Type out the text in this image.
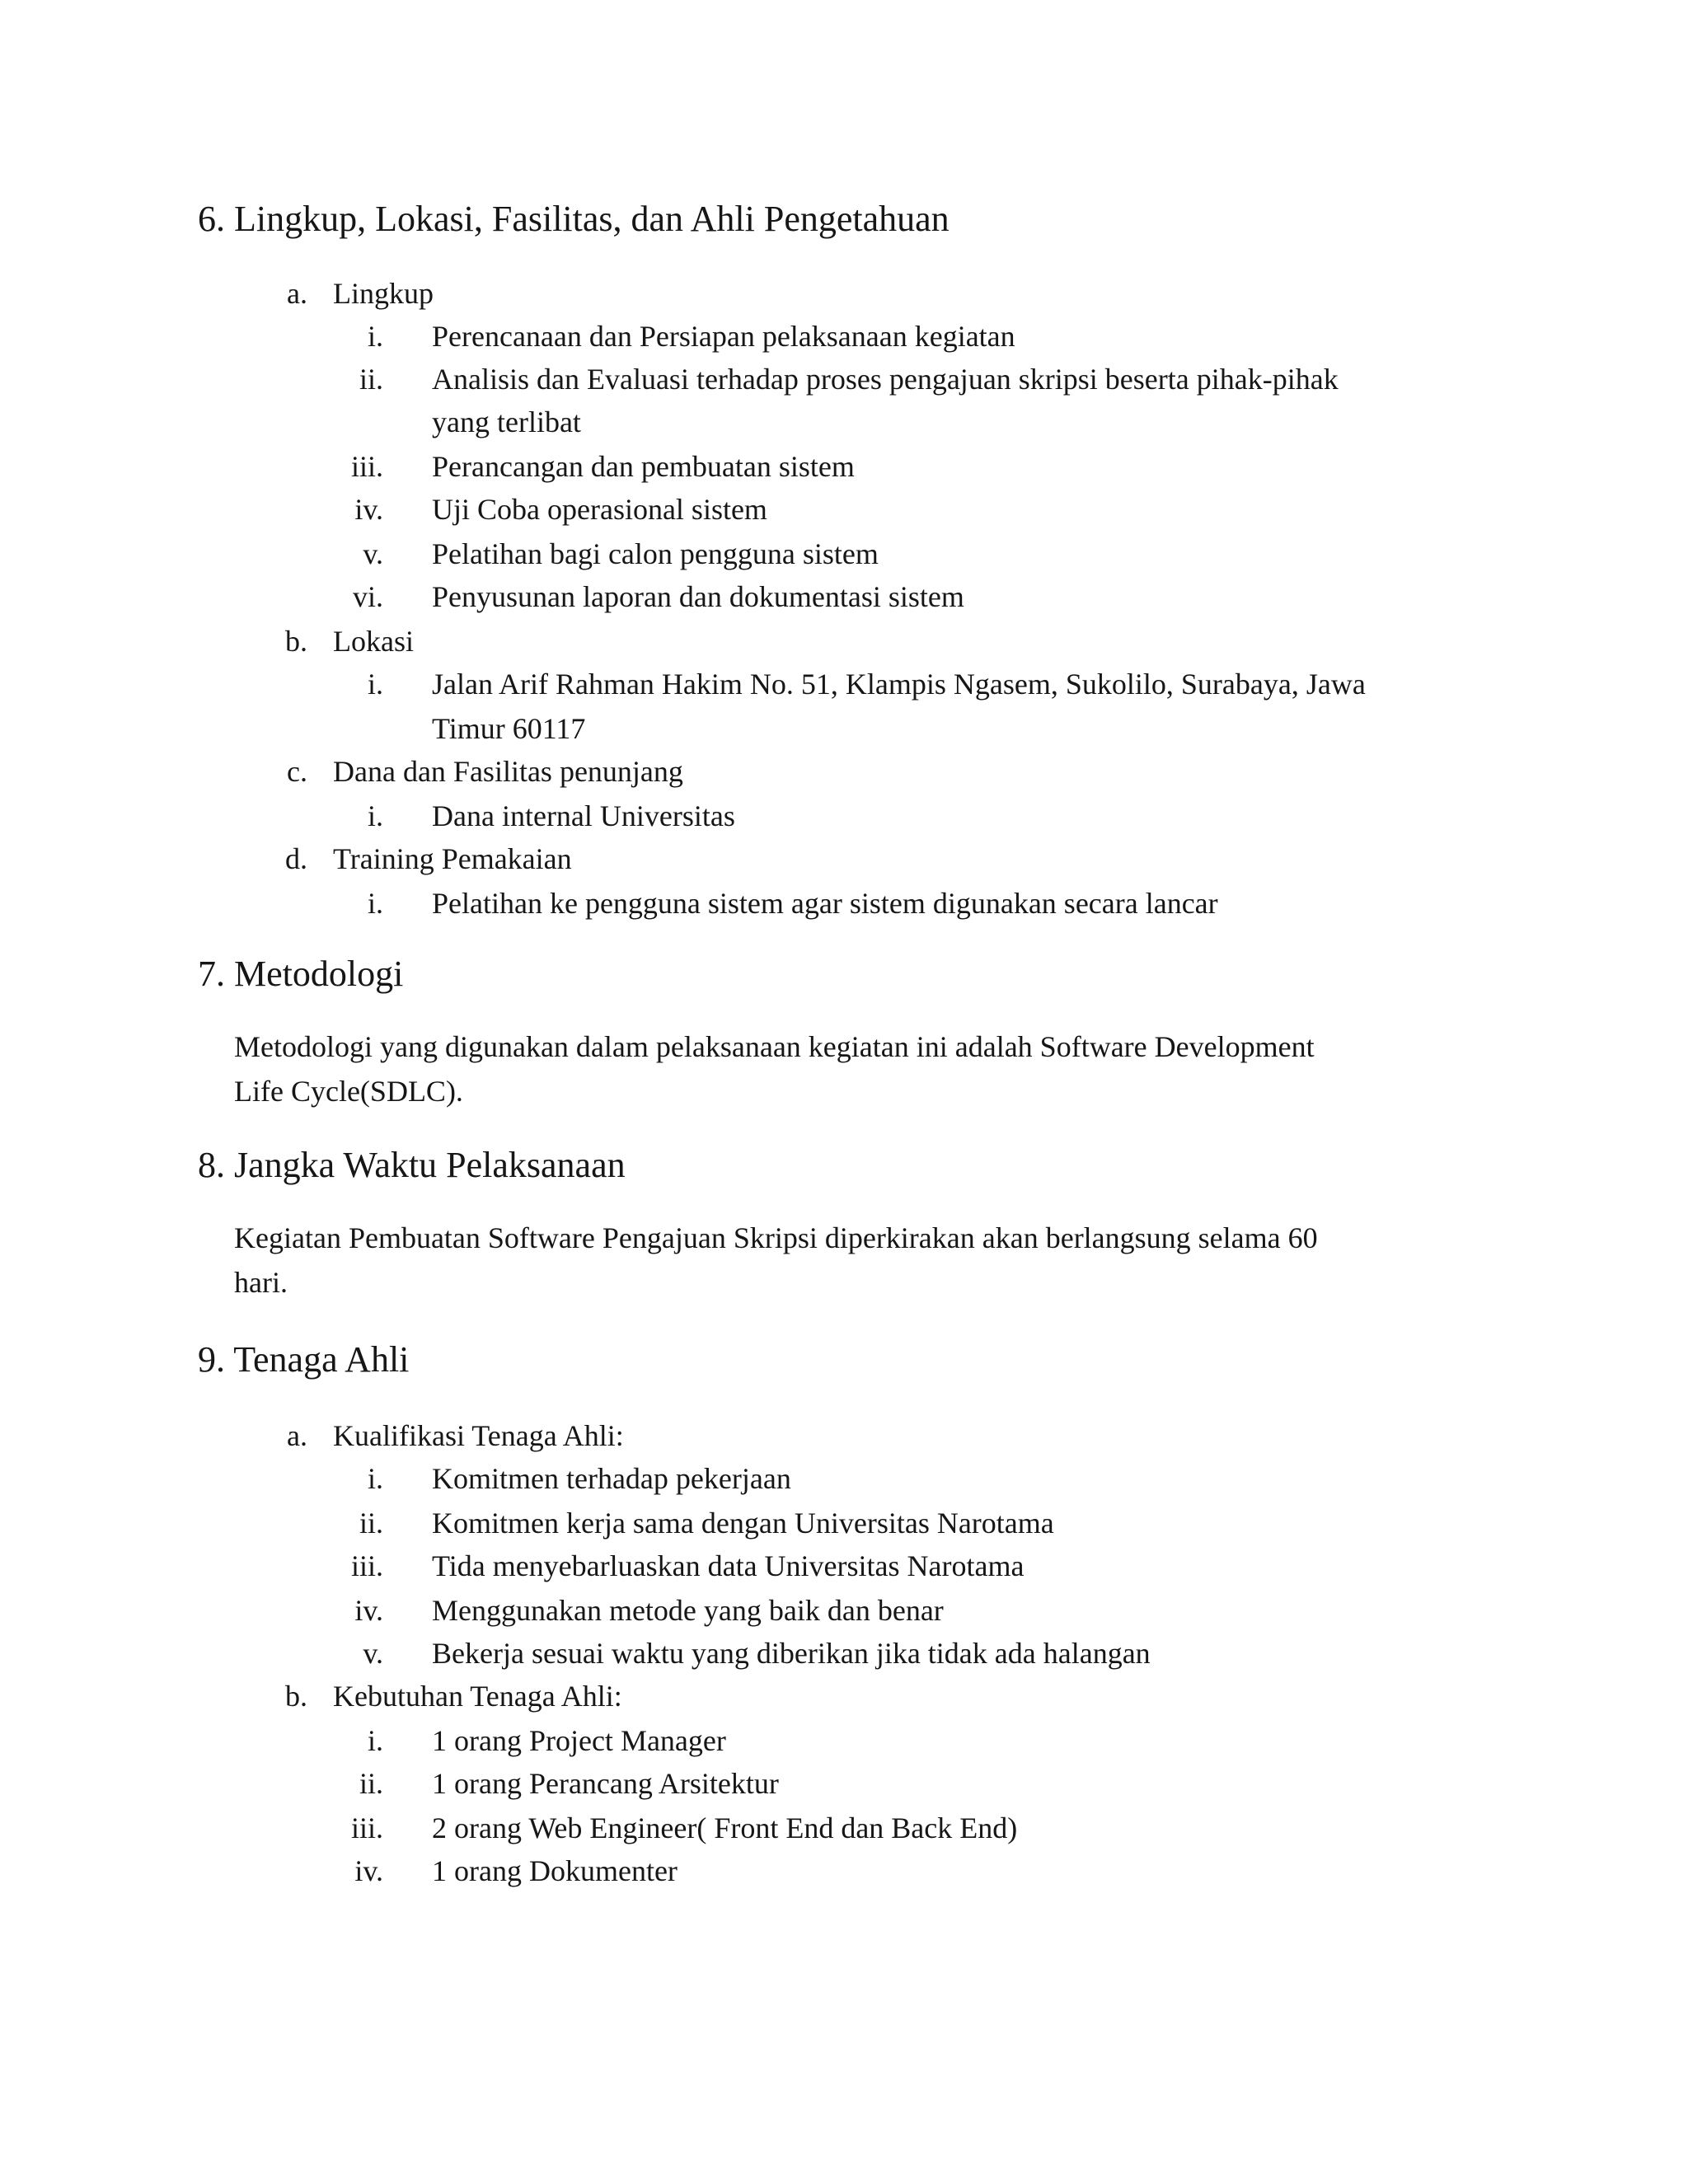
6. Lingkup, Lokasi, Fasilitas, dan Ahli Pengetahuan
a. Lingkup
i. Perencanaan dan Persiapan pelaksanaan kegiatan
ii. Analisis dan Evaluasi terhadap proses pengajuan skripsi beserta pihak-pihak
yang terlibat
iii. Perancangan dan pembuatan sistem
iv. Uji Coba operasional sistem
v. Pelatihan bagi calon pengguna sistem
vi. Penyusunan laporan dan dokumentasi sistem
b. Lokasi
i. Jalan Arif Rahman Hakim No. 51, Klampis Ngasem, Sukolilo, Surabaya, Jawa
Timur 60117
c. Dana dan Fasilitas penunjang
i. Dana internal Universitas
d. Training Pemakaian
i. Pelatihan ke pengguna sistem agar sistem digunakan secara lancar
7. Metodologi
Metodologi yang digunakan dalam pelaksanaan kegiatan ini adalah Software Development
Life Cycle(SDLC).
8. Jangka Waktu Pelaksanaan
Kegiatan Pembuatan Software Pengajuan Skripsi diperkirakan akan berlangsung selama 60
hari.
9. Tenaga Ahli
a. Kualifikasi Tenaga Ahli:
i. Komitmen terhadap pekerjaan
ii. Komitmen kerja sama dengan Universitas Narotama
iii. Tida menyebarluaskan data Universitas Narotama
iv. Menggunakan metode yang baik dan benar
v. Bekerja sesuai waktu yang diberikan jika tidak ada halangan
b. Kebutuhan Tenaga Ahli:
i. 1 orang Project Manager
ii. 1 orang Perancang Arsitektur
iii. 2 orang Web Engineer( Front End dan Back End)
iv. 1 orang Dokumenter
